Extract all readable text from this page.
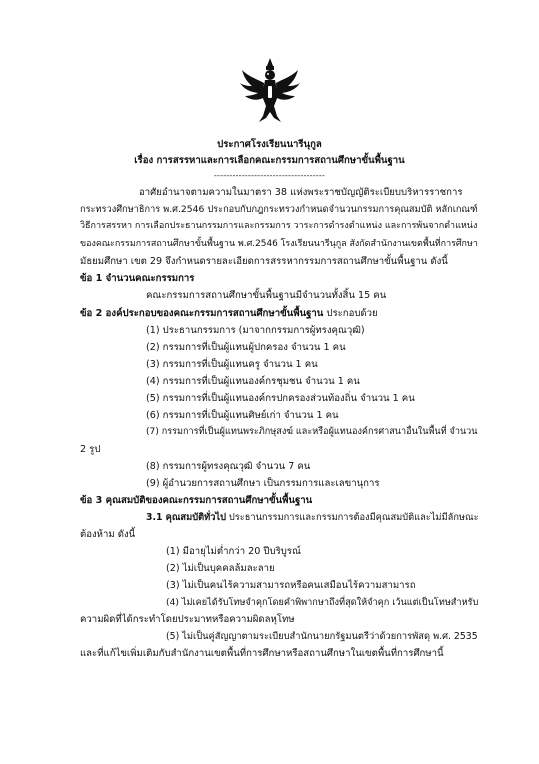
ประกาศโรงเรียนนารีนุกูล
เรื่อง การสรรหาและการเลือกคณะกรรมการสถานศึกษาขั้นพื้นฐาน
------------------------------------
อาศัยอำนาจตามความในมาตรา 38 แห่งพระราชบัญญัติระเบียบบริหารราชการ
กระทรวงศึกษาธิการ พ.ศ.2546 ประกอบกับกฎกระทรวงกำหนดจำนวนกรรมการคุณสมบัติ หลักเกณฑ์
วิธีการสรรหา การเลือกประธานกรรมการและกรรมการ วาระการดำรงตำแหน่ง และการพ้นจากตำแหน่ง
ของคณะกรรมการสถานศึกษาขั้นพื้นฐาน พ.ศ.2546 โรงเรียนนารีนุกูล สังกัดสำนักงานเขตพื้นที่การศึกษา
มัธยมศึกษา เขต 29 จึงกำหนดรายละเอียดการสรรหากรรมการสถานศึกษาขั้นพื้นฐาน ดังนี้
ข้อ 1 จำนวนคณะกรรมการ
คณะกรรมการสถานศึกษาขั้นพื้นฐานมีจำนวนทั้งสิ้น 15 คน
ข้อ 2 องค์ประกอบของคณะกรรมการสถานศึกษาขั้นพื้นฐาน ประกอบด้วย
(1) ประธานกรรมการ (มาจากกรรมการผู้ทรงคุณวุฒิ)
(2) กรรมการที่เป็นผู้แทนผู้ปกครอง จำนวน 1 คน
(3) กรรมการที่เป็นผู้แทนครู จำนวน 1 คน
(4) กรรมการที่เป็นผู้แทนองค์กรชุมชน จำนวน 1 คน
(5) กรรมการที่เป็นผู้แทนองค์กรปกครองส่วนท้องถิ่น จำนวน 1 คน
(6) กรรมการที่เป็นผู้แทนศิษย์เก่า จำนวน 1 คน
(7) กรรมการที่เป็นผู้แทนพระภิกษุสงฆ์ และหรือผู้แทนองค์กรศาสนาอื่นในพื้นที่ จำนวน
2 รูป
(8) กรรมการผู้ทรงคุณวุฒิ จำนวน 7 คน
(9) ผู้อำนวยการสถานศึกษา เป็นกรรมการและเลขานุการ
ข้อ 3 คุณสมบัติของคณะกรรมการสถานศึกษาขั้นพื้นฐาน
3.1 คุณสมบัติทั่วไป ประธานกรรมการและกรรมการต้องมีคุณสมบัติและไม่มีลักษณะ
ต้องห้าม ดังนี้
(1) มีอายุไม่ต่ำกว่า 20 ปีบริบูรณ์
(2) ไม่เป็นบุคคลล้มละลาย
(3) ไม่เป็นคนไร้ความสามารถหรือคนเสมือนไร้ความสามารถ
(4) ไม่เคยได้รับโทษจำคุกโดยคำพิพากษาถึงที่สุดให้จำคุก เว้นแต่เป็นโทษสำหรับ
ความผิดที่ได้กระทำโดยประมาทหรือความผิดลหุโทษ
(5) ไม่เป็นคู่สัญญาตามระเบียบสำนักนายกรัฐมนตรีว่าด้วยการพัสดุ พ.ศ. 2535
และที่แก้ไขเพิ่มเติมกับสำนักงานเขตพื้นที่การศึกษาหรือสถานศึกษาในเขตพื้นที่การศึกษานี้
